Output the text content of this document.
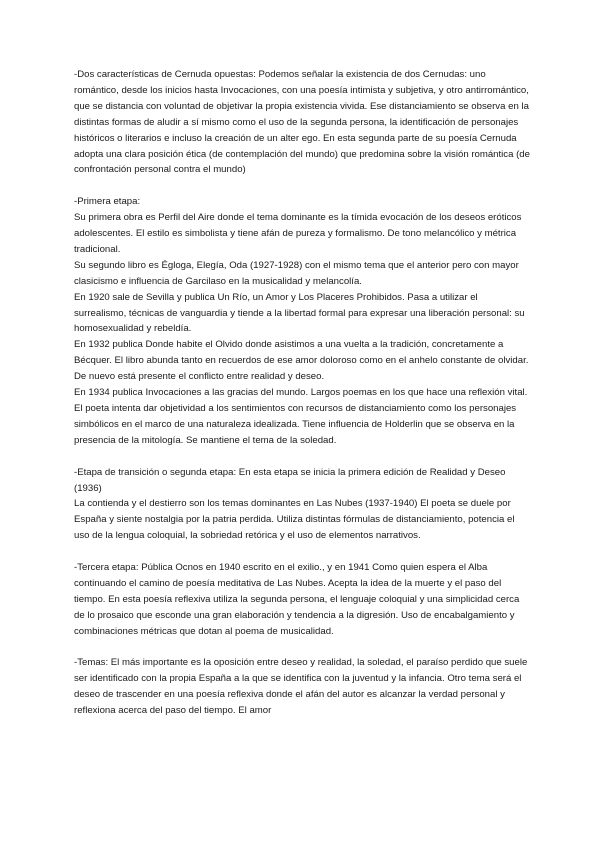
-Dos características de Cernuda opuestas: Podemos señalar la existencia de dos Cernudas: uno romántico, desde los inicios hasta Invocaciones, con una poesía intimista y subjetiva, y otro antirromántico, que se distancia con voluntad de objetivar la propia existencia vivida. Ese distanciamiento se observa en la distintas formas de aludir a sí mismo como el uso de la segunda persona, la identificación de personajes históricos o literarios e incluso la creación de un alter ego. En esta segunda parte de su poesía Cernuda adopta una clara posición ética (de contemplación del mundo) que predomina sobre la visión romántica (de confrontación personal contra el mundo)

-Primera etapa:

Su primera obra es Perfil del Aire donde el tema dominante es la tímida evocación de los deseos eróticos adolescentes. El estilo es simbolista y tiene afán de pureza y formalismo. De tono melancólico y métrica tradicional.

Su segundo libro es Égloga, Elegía, Oda (1927-1928) con el mismo tema que el anterior pero con mayor clasicismo e influencia de Garcilaso en la musicalidad y melancolía.

En 1920 sale de Sevilla y publica Un Río, un Amor y Los Placeres Prohibidos. Pasa a utilizar el surrealismo, técnicas de vanguardia y tiende a la libertad formal para expresar una liberación personal: su homosexualidad y rebeldía.

En 1932 publica Donde habite el Olvido donde asistimos a una vuelta a la tradición, concretamente a Bécquer. El libro abunda tanto en recuerdos de ese amor doloroso como en el anhelo constante de olvidar. De nuevo está presente el conflicto entre realidad y deseo.

En 1934 publica Invocaciones a las gracias del mundo. Largos poemas en los que hace una reflexión vital. El poeta intenta dar objetividad a los sentimientos con recursos de distanciamiento como los personajes simbólicos en el marco de una naturaleza idealizada. Tiene influencia de Holderlin que se observa en la presencia de la mitología. Se mantiene el tema de la soledad.

-Etapa de transición o segunda etapa: En esta etapa se inicia la primera edición de Realidad y Deseo (1936)

La contienda y el destierro son los temas dominantes en Las Nubes (1937-1940) El poeta se duele por España y siente nostalgia por la patria perdida. Utiliza distintas fórmulas de distanciamiento, potencia el uso de la lengua coloquial, la sobriedad retórica y el uso de elementos narrativos.

-Tercera etapa: Pública Ocnos en 1940 escrito en el exilio., y en 1941 Como quien espera el Alba continuando el camino de poesía meditativa de Las Nubes. Acepta la idea de la muerte y el paso del tiempo. En esta poesía reflexiva utiliza la segunda persona, el lenguaje coloquial y una simplicidad cerca de lo prosaico que esconde una gran elaboración y tendencia a la digresión. Uso de encabalgamiento y combinaciones métricas que dotan al poema de musicalidad.

-Temas: El más importante es la oposición entre deseo y realidad, la soledad, el paraíso perdido que suele ser identificado con la propia España a la que se identifica con la juventud y la infancia. Otro tema será el deseo de trascender en una poesía reflexiva donde el afán del autor es alcanzar la verdad personal y reflexiona acerca del paso del tiempo. El amor
